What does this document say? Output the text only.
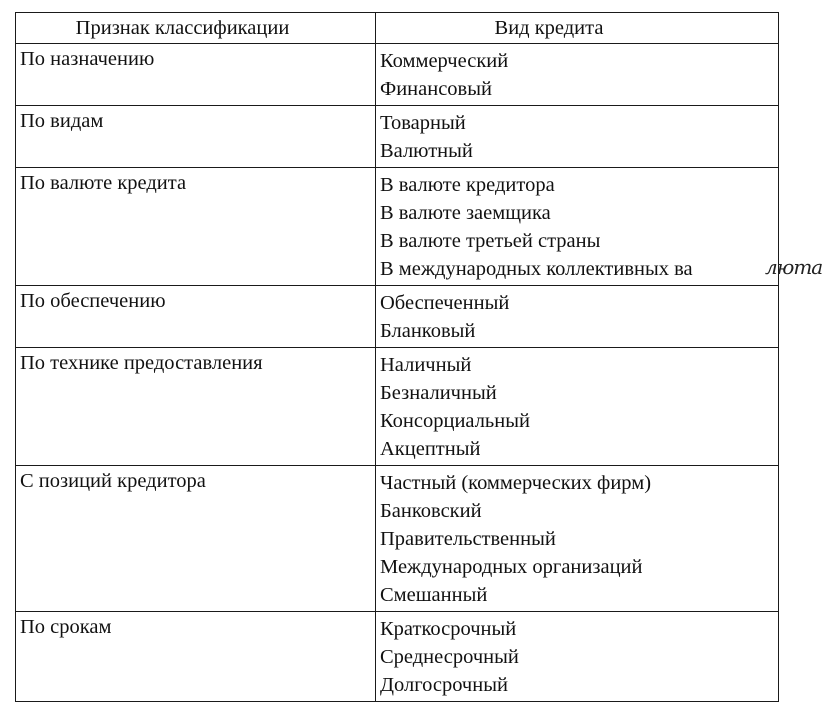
Признак классификации	Вид кредита
По назначению	Коммерческий
Финансовый

По видам	Товарный
Валютный

По валюте кредита	В валюте кредитора
В валюте заемщика
В валюте третьей страны
В международных коллективных ва люта

По обеспечению	Обеспеченный
Бланковый

По технике предоставления	Наличный
Безналичный
Консорциальный
Акцептный

С позиций кредитора	Частный (коммерческих фирм)
Банковский
Правительственный
Международных организаций
Смешанный

По срокам	Краткосрочный
Среднесрочный
Долгосрочный
